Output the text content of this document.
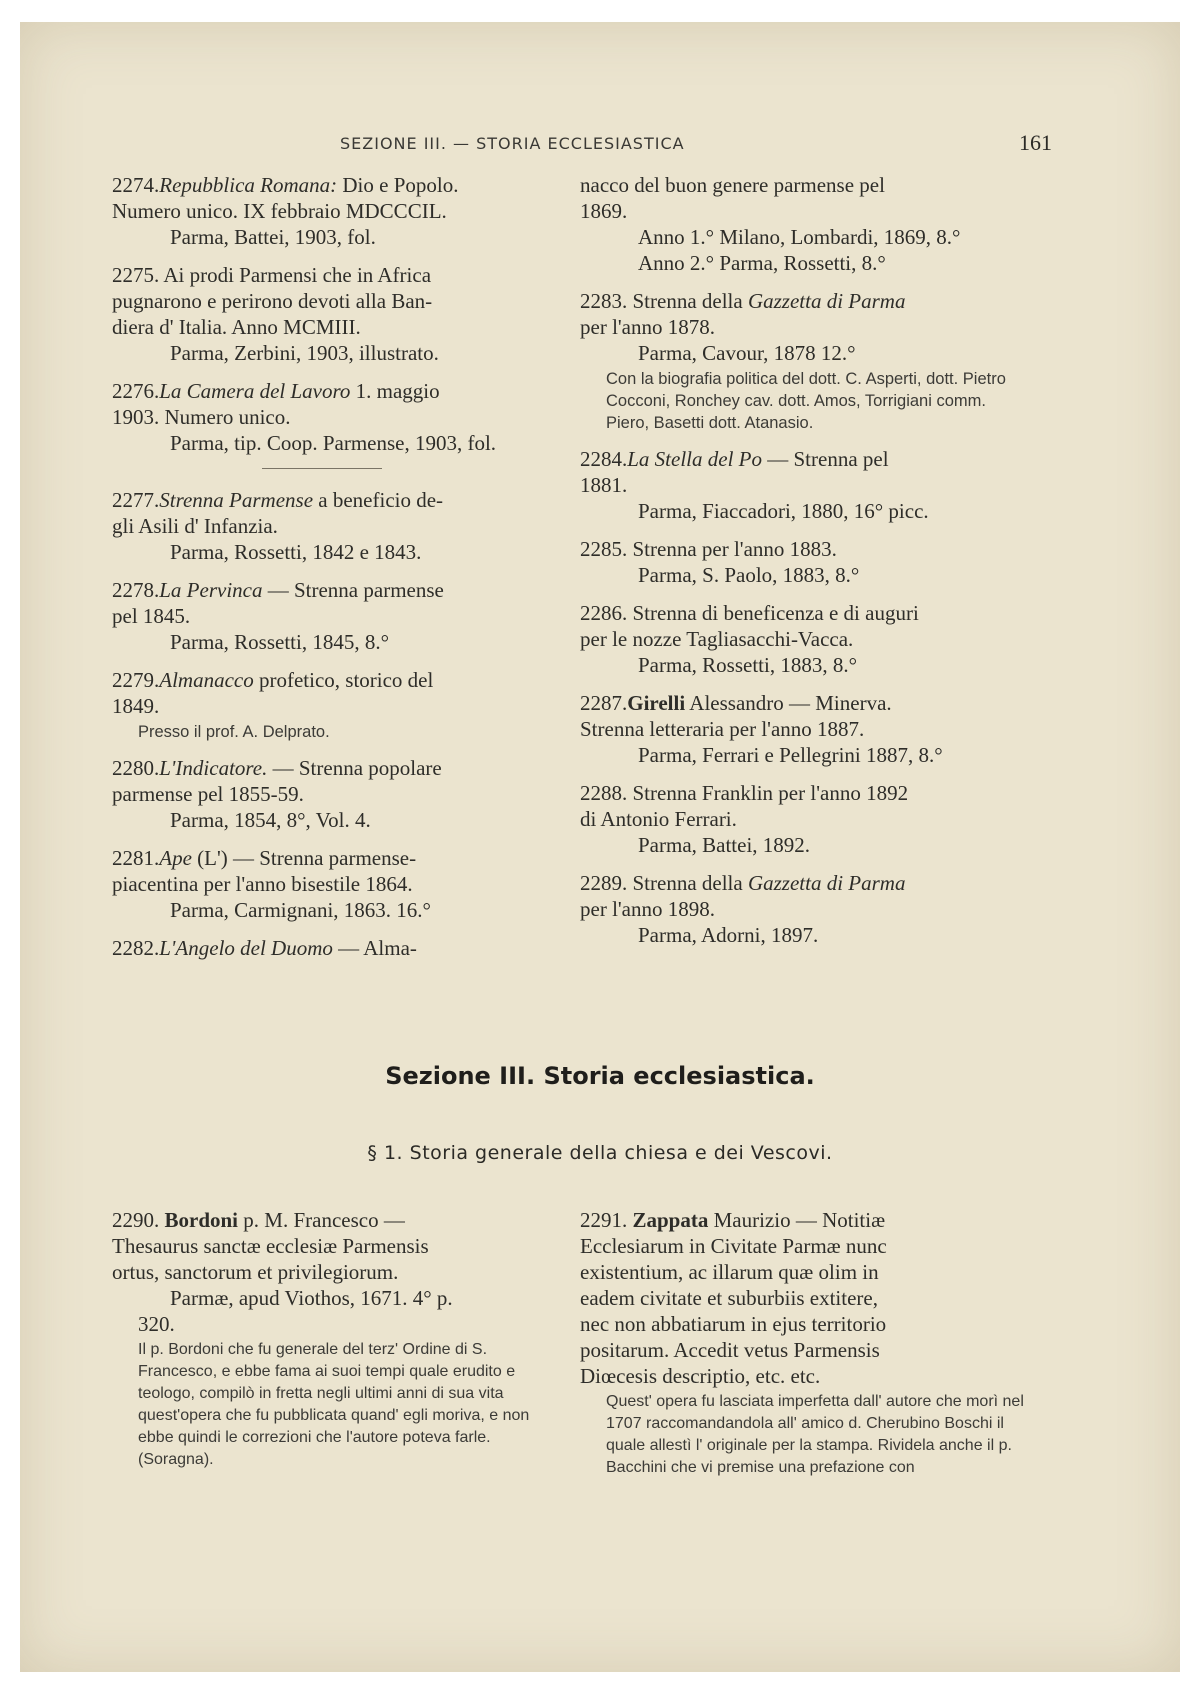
SEZIONE III. — STORIA ECCLESIASTICA	161
2274.Repubblica Romana: Dio e Popolo.
Numero unico. IX febbraio MDCCCIL.
Parma, Battei, 1903, fol.
2275. Ai prodi Parmensi che in Africa
pugnarono e perirono devoti alla Ban-
diera d' Italia. Anno MCMIII.
Parma, Zerbini, 1903, illustrato.
2276.La Camera del Lavoro 1. maggio
1903. Numero unico.
Parma, tip. Coop. Parmense, 1903, fol.
2277.Strenna Parmense a beneficio de-
gli Asili d' Infanzia.
Parma, Rossetti, 1842 e 1843.
2278.La Pervinca — Strenna parmense
pel 1845.
Parma, Rossetti, 1845, 8.°
2279.Almanacco profetico, storico del
1849.
Presso il prof. A. Delprato.
2280.L'Indicatore. — Strenna popolare
parmense pel 1855-59.
Parma, 1854, 8°, Vol. 4.
2281.Ape (L') — Strenna parmense-
piacentina per l'anno bisestile 1864.
Parma, Carmignani, 1863. 16.°
2282.L'Angelo del Duomo — Alma-
nacco del buon genere parmense pel
1869.
Anno 1.° Milano, Lombardi, 1869, 8.°
Anno 2.° Parma, Rossetti, 8.°
2283. Strenna della Gazzetta di Parma
per l'anno 1878.
Parma, Cavour, 1878 12.°
Con la biografia politica del dott. C. Asperti, dott. Pietro Cocconi, Ronchey cav. dott. Amos, Torrigiani comm. Piero, Basetti dott. Atanasio.
2284.La Stella del Po — Strenna pel
1881.
Parma, Fiaccadori, 1880, 16° picc.
2285. Strenna per l'anno 1883.
Parma, S. Paolo, 1883, 8.°
2286. Strenna di beneficenza e di auguri
per le nozze Tagliasacchi-Vacca.
Parma, Rossetti, 1883, 8.°
2287.Girelli Alessandro — Minerva.
Strenna letteraria per l'anno 1887.
Parma, Ferrari e Pellegrini 1887, 8.°
2288. Strenna Franklin per l'anno 1892
di Antonio Ferrari.
Parma, Battei, 1892.
2289. Strenna della Gazzetta di Parma
per l'anno 1898.
Parma, Adorni, 1897.
Sezione III. Storia ecclesiastica.
§ 1. Storia generale della chiesa e dei Vescovi.
2290. Bordoni p. M. Francesco —
Thesaurus sanctæ ecclesiæ Parmensis
ortus, sanctorum et privilegiorum.
Parmæ, apud Viothos, 1671. 4° p.
320.
Il p. Bordoni che fu generale del terz' Ordine di S. Francesco, e ebbe fama ai suoi tempi quale erudito e teologo, compilò in fretta negli ultimi anni di sua vita quest'opera che fu pubblicata quand' egli moriva, e non ebbe quindi le correzioni che l'autore poteva farle. (Soragna).
2291. Zappata Maurizio — Notitiæ
Ecclesiarum in Civitate Parmæ nunc
existentium, ac illarum quæ olim in
eadem civitate et suburbiis extitere,
nec non abbatiarum in ejus territorio
positarum. Accedit vetus Parmensis
Diœcesis descriptio, etc. etc.
Quest' opera fu lasciata imperfetta dall' autore che morì nel 1707 raccomandandola all' amico d. Cherubino Boschi il quale allestì l' originale per la stampa. Rividela anche il p. Bacchini che vi premise una prefazione con
